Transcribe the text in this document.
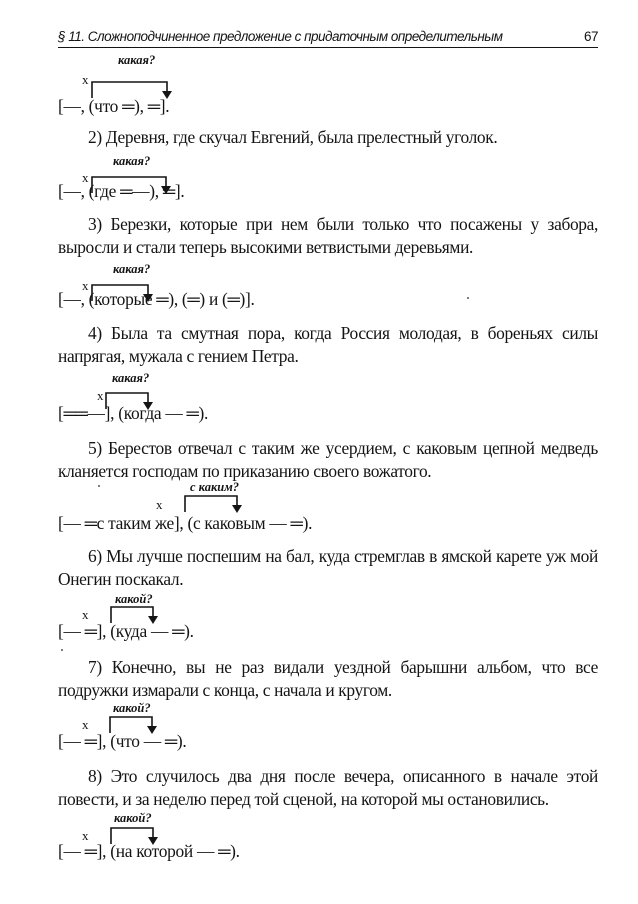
§ 11. Сложноподчиненное предложение с придаточным определительным	67
какая?
x
[—, (что ═), ═].
2) Деревня, где скучал Евгений, была прелестный уголок.
какая?
x
[—, (где ═—), ═].
3) Березки, которые при нем были только что посажены у забора, выросли и стали теперь высокими ветвистыми деревьями.
какая?
x
[—, (которые ═), (═) и (═)].
4) Была та смутная пора, когда Россия молодая, в бореньях силы напрягая, мужала с гением Петра.
какая?
x
[══—], (когда — ═).
5) Берестов отвечал с таким же усердием, с каковым цепной медведь кланяется господам по приказанию своего вожатого.
с каким?
x
[— ═с таким же], (с каковым — ═).
6) Мы лучше поспешим на бал, куда стремглав в ямской карете уж мой Онегин поскакал.
какой?
x
[— ═], (куда — ═).
7) Конечно, вы не раз видали уездной барышни альбом, что все подружки измарали с конца, с начала и кругом.
какой?
x
[— ═], (что — ═).
8) Это случилось два дня после вечера, описанного в начале этой повести, и за неделю перед той сценой, на которой мы остановились.
какой?
x
[— ═], (на которой — ═).
